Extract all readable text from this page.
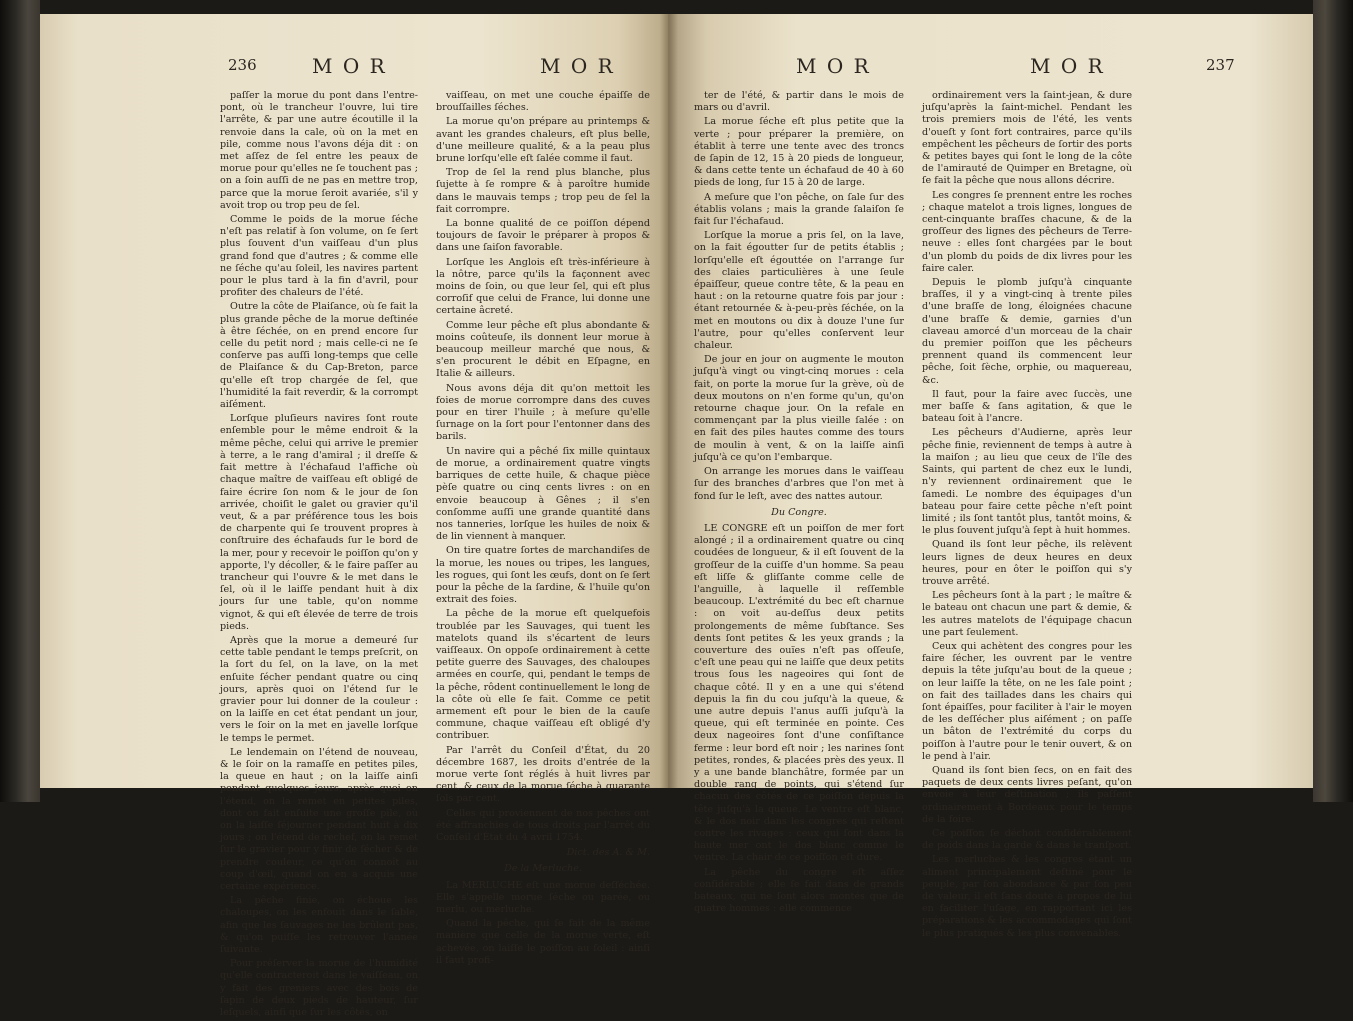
236	M O R	M O R

paſſer la morue du pont dans l'entre-pont, où le trancheur l'ouvre, lui tire l'arrête, & par une autre écoutille il la renvoie dans la cale, où on la met en pile, comme nous l'avons déja dit : on met aſſez de ſel entre les peaux de morue pour qu'elles ne ſe touchent pas ; on a ſoin auſſi de ne pas en mettre trop, parce que la morue ſeroit avariée, s'il y avoit trop ou trop peu de ſel.

Comme le poids de la morue ſéche n'eſt pas relatif à ſon volume, on ſe ſert plus ſouvent d'un vaiſſeau d'un plus grand fond que d'autres ; & comme elle ne ſéche qu'au ſoleil, les navires partent pour le plus tard à la fin d'avril, pour profiter des chaleurs de l'été.

Outre la côte de Plaiſance, où ſe fait la plus grande pêche de la morue deſtinée à être ſéchée, on en prend encore ſur celle du petit nord ; mais celle-ci ne ſe conſerve pas auſſi long-temps que celle de Plaiſance & du Cap-Breton, parce qu'elle eſt trop chargée de ſel, que l'humidité la fait reverdir, & la corrompt aiſément.

Lorſque pluſieurs navires ſont route enſemble pour le même endroit & la même pêche, celui qui arrive le premier à terre, a le rang d'amiral ; il dreſſe & fait mettre à l'échafaud l'affiche où chaque maître de vaiſſeau eſt obligé de faire écrire ſon nom & le jour de ſon arrivée, choiſit le galet ou gravier qu'il veut, & a par préférence tous les bois de charpente qui ſe trouvent propres à conſtruire des échafauds ſur le bord de la mer, pour y recevoir le poiſſon qu'on y apporte, l'y décoller, & le faire paſſer au trancheur qui l'ouvre & le met dans le ſel, où il le laiſſe pendant huit à dix jours ſur une table, qu'on nomme vignot, & qui eſt élevée de terre de trois pieds.

Après que la morue a demeuré ſur cette table pendant le temps preſcrit, on la ſort du ſel, on la lave, on la met enſuite ſécher pendant quatre ou cinq jours, après quoi on l'étend ſur le gravier pour lui donner de la couleur : on la laiſſe en cet état pendant un jour, vers le ſoir on la met en javelle lorſque le temps le permet.

Le lendemain on l'étend de nouveau, & le ſoir on la ramaſſe en petites piles, la queue en haut ; on la laiſſe ainſi pendant quelques jours, après quoi on l'étend, on la remet en petites piles, dont on fait enſuite une groſſe pile, où on la laiſſe ſéjourner pendant huit à dix jours ; on l'étend de rechef, on la remet ſur le gravier pour y finir de ſécher & de prendre couleur, ce qu'on connoît au coup d'œil, quand on en a acquis une certaine expérience.

La pêche finie, on échoue les chaloupes, on les enfouit dans le ſable, afin que les ſauvages ne les brûlent pas, & qu'on puiſſe les retrouver l'année ſuivante.

Pour préſerver la morue de l'humidité qu'elle contracteroit dans le vaiſſeau, on y fait des greniers avec des bois de ſapin de deux pieds de hauteur, ſur leſquels, ainſi que ſur les côtés, on

vaiſſeau, on met une couche épaiſſe de brouſſailles ſéches.

La morue qu'on prépare au printemps & avant les grandes chaleurs, eſt plus belle, d'une meilleure qualité, & a la peau plus brune lorſqu'elle eſt ſalée comme il faut.

Trop de ſel la rend plus blanche, plus ſujette à ſe rompre & à paroître humide dans le mauvais temps ; trop peu de ſel la fait corrompre.

La bonne qualité de ce poiſſon dépend toujours de ſavoir le préparer à propos & dans une ſaiſon favorable.

Lorſque les Anglois eſt très-inférieure à la nôtre, parce qu'ils la façonnent avec moins de ſoin, ou que leur ſel, qui eſt plus corroſif que celui de France, lui donne une certaine âcreté.

Comme leur pêche eſt plus abondante & moins coûteuſe, ils donnent leur morue à beaucoup meilleur marché que nous, & s'en procurent le débit en Eſpagne, en Italie & ailleurs.

Nous avons déja dit qu'on mettoit les foies de morue corrompre dans des cuves pour en tirer l'huile ; à meſure qu'elle ſurnage on la ſort pour l'entonner dans des barils.

Un navire qui a pêché ſix mille quintaux de morue, a ordinairement quatre vingts barriques de cette huile, & chaque pièce pèſe quatre ou cinq cents livres : on en envoie beaucoup à Gênes ; il s'en conſomme auſſi une grande quantité dans nos tanneries, lorſque les huiles de noix & de lin viennent à manquer.

On tire quatre ſortes de marchandiſes de la morue, les noues ou tripes, les langues, les rogues, qui ſont les œufs, dont on ſe ſert pour la pêche de la ſardine, & l'huile qu'on extrait des foies.

La pêche de la morue eſt quelquefois troublée par les Sauvages, qui tuent les matelots quand ils s'écartent de leurs vaiſſeaux. On oppoſe ordinairement à cette petite guerre des Sauvages, des chaloupes armées en courſe, qui, pendant le temps de la pêche, rôdent continuellement le long de la côte où elle ſe fait. Comme ce petit armement eſt pour le bien de la cauſe commune, chaque vaiſſeau eſt obligé d'y contribuer.

Par l'arrêt du Conſeil d'État, du 20 décembre 1687, les droits d'entrée de la morue verte ſont réglés à huit livres par cent, & ceux de la morue ſéche à quarante ſols par cent.

Celles qui proviennent de nos pêches ont été affranchies de tous droits par l'arrêt du Conſeil d'État du 4 avril 1754.

Dict. des A. & M.

De la Merluche.

La MERLUCHE eſt une morue deſſéchée. Elle s'appelle morue ſéche ou parée, ou merlu, ou merluche.

Quand la pêche, qui ſe fait de la même manière que celle de la morue verte, eſt achevée, on laiſſe le poiſſon au ſoleil : ainſi il faut profi-

M O R	M O R	237

ter de l'été, & partir dans le mois de mars ou d'avril.

La morue ſéche eſt plus petite que la verte ; pour préparer la première, on établit à terre une tente avec des troncs de ſapin de 12, 15 à 20 pieds de longueur, & dans cette tente un échafaud de 40 à 60 pieds de long, ſur 15 à 20 de large.

A meſure que l'on pêche, on ſale ſur des établis volans ; mais la grande ſalaiſon ſe fait ſur l'échafaud.

Lorſque la morue a pris ſel, on la lave, on la fait égoutter ſur de petits établis ; lorſqu'elle eſt égouttée on l'arrange ſur des claies particulières à une ſeule épaiſſeur, queue contre tête, & la peau en haut : on la retourne quatre fois par jour : étant retournée & à-peu-près ſéchée, on la met en moutons ou dix à douze l'une ſur l'autre, pour qu'elles conſervent leur chaleur.

De jour en jour on augmente le mouton juſqu'à vingt ou vingt-cinq morues : cela fait, on porte la morue ſur la grève, où de deux moutons on n'en forme qu'un, qu'on retourne chaque jour. On la refale en commençant par la plus vieille ſalée : on en fait des piles hautes comme des tours de moulin à vent, & on la laiſſe ainſi juſqu'à ce qu'on l'embarque.

On arrange les morues dans le vaiſſeau ſur des branches d'arbres que l'on met à fond ſur le leſt, avec des nattes autour.

Du Congre.

LE CONGRE eſt un poiſſon de mer fort alongé ; il a ordinairement quatre ou cinq coudées de longueur, & il eſt ſouvent de la groſſeur de la cuiſſe d'un homme. Sa peau eſt liſſe & gliſſante comme celle de l'anguille, à laquelle il reſſemble beaucoup. L'extrémité du bec eſt charnue : on voit au-deſſus deux petits prolongements de même ſubſtance. Ses dents ſont petites & les yeux grands ; la couverture des ouïes n'eſt pas oſſeuſe, c'eſt une peau qui ne laiſſe que deux petits trous ſous les nageoires qui ſont de chaque côté. Il y en a une qui s'étend depuis la fin du cou juſqu'à la queue, & une autre depuis l'anus auſſi juſqu'à la queue, qui eſt terminée en pointe. Ces deux nageoires ſont d'une conſiſtance ferme : leur bord eſt noir ; les narines ſont petites, rondes, & placées près des yeux. Il y a une bande blanchâtre, formée par un double rang de points, qui s'étend ſur chacun des côtés de ce poiſſon depuis la tête juſqu'à la queue. Le ventre eſt blanc, & le dos noir dans les congres qui reſtent contre les rivages : ceux qui ſont dans la haute mer ont le dos blanc comme le ventre. La chair de ce poiſſon eſt dure.

La pêche du congre eſt aſſez conſidérable ; elle ſe fait dans de grands bateaux, qui ne ſont alors montés que de quatre hommes : elle commence

ordinairement vers la ſaint-jean, & dure juſqu'après la ſaint-michel. Pendant les trois premiers mois de l'été, les vents d'oueſt y ſont fort contraires, parce qu'ils empêchent les pêcheurs de ſortir des ports & petites bayes qui ſont le long de la côte de l'amirauté de Quimper en Bretagne, où ſe fait la pêche que nous allons décrire.

Les congres ſe prennent entre les roches ; chaque matelot a trois lignes, longues de cent-cinquante braſſes chacune, & de la groſſeur des lignes des pêcheurs de Terre-neuve : elles ſont chargées par le bout d'un plomb du poids de dix livres pour les faire caler.

Depuis le plomb juſqu'à cinquante braſſes, il y a vingt-cinq à trente piles d'une braſſe de long, éloignées chacune d'une braſſe & demie, garnies d'un claveau amorcé d'un morceau de la chair du premier poiſſon que les pêcheurs prennent quand ils commencent leur pêche, ſoit ſèche, orphie, ou maquereau, &c.

Il faut, pour la faire avec ſuccès, une mer baſſe & ſans agitation, & que le bateau ſoit à l'ancre.

Les pêcheurs d'Audierne, après leur pêche finie, reviennent de temps à autre à la maiſon ; au lieu que ceux de l'île des Saints, qui partent de chez eux le lundi, n'y reviennent ordinairement que le ſamedi. Le nombre des équipages d'un bateau pour faire cette pêche n'eſt point limité ; ils ſont tantôt plus, tantôt moins, & le plus ſouvent juſqu'à ſept à huit hommes.

Quand ils ſont leur pêche, ils relèvent leurs lignes de deux heures en deux heures, pour en ôter le poiſſon qui s'y trouve arrêté.

Les pêcheurs ſont à la part ; le maître & le bateau ont chacun une part & demie, & les autres matelots de l'équipage chacun une part ſeulement.

Ceux qui achètent des congres pour les faire ſécher, les ouvrent par le ventre depuis la tête juſqu'au bout de la queue ; on leur laiſſe la tête, on ne les ſale point ; on fait des taillades dans les chairs qui ſont épaiſſes, pour faciliter à l'air le moyen de les deſſécher plus aiſément ; on paſſe un bâton de l'extrémité du corps du poiſſon à l'autre pour le tenir ouvert, & on le pend à l'air.

Quand ils ſont bien ſecs, on en fait des paquets de deux cents livres peſant, qu'on envoie à leur deſtination ; ils paſſent ordinairement à Bordeaux pour le temps de la foire.

Ce poiſſon ſe déchoit conſidérablement de poids dans la garde & dans le tranſport.

Les merluches & les congres étant un aliment principalement deſtiné pour le peuple, par ſon abondance & par ſon peu de valeur, il eſt ſans doute à propos de lui en faciliter l'uſage, en rapportant ici les préparations & les accommodages qui ſont le plus pratiqués & les plus convenables.
